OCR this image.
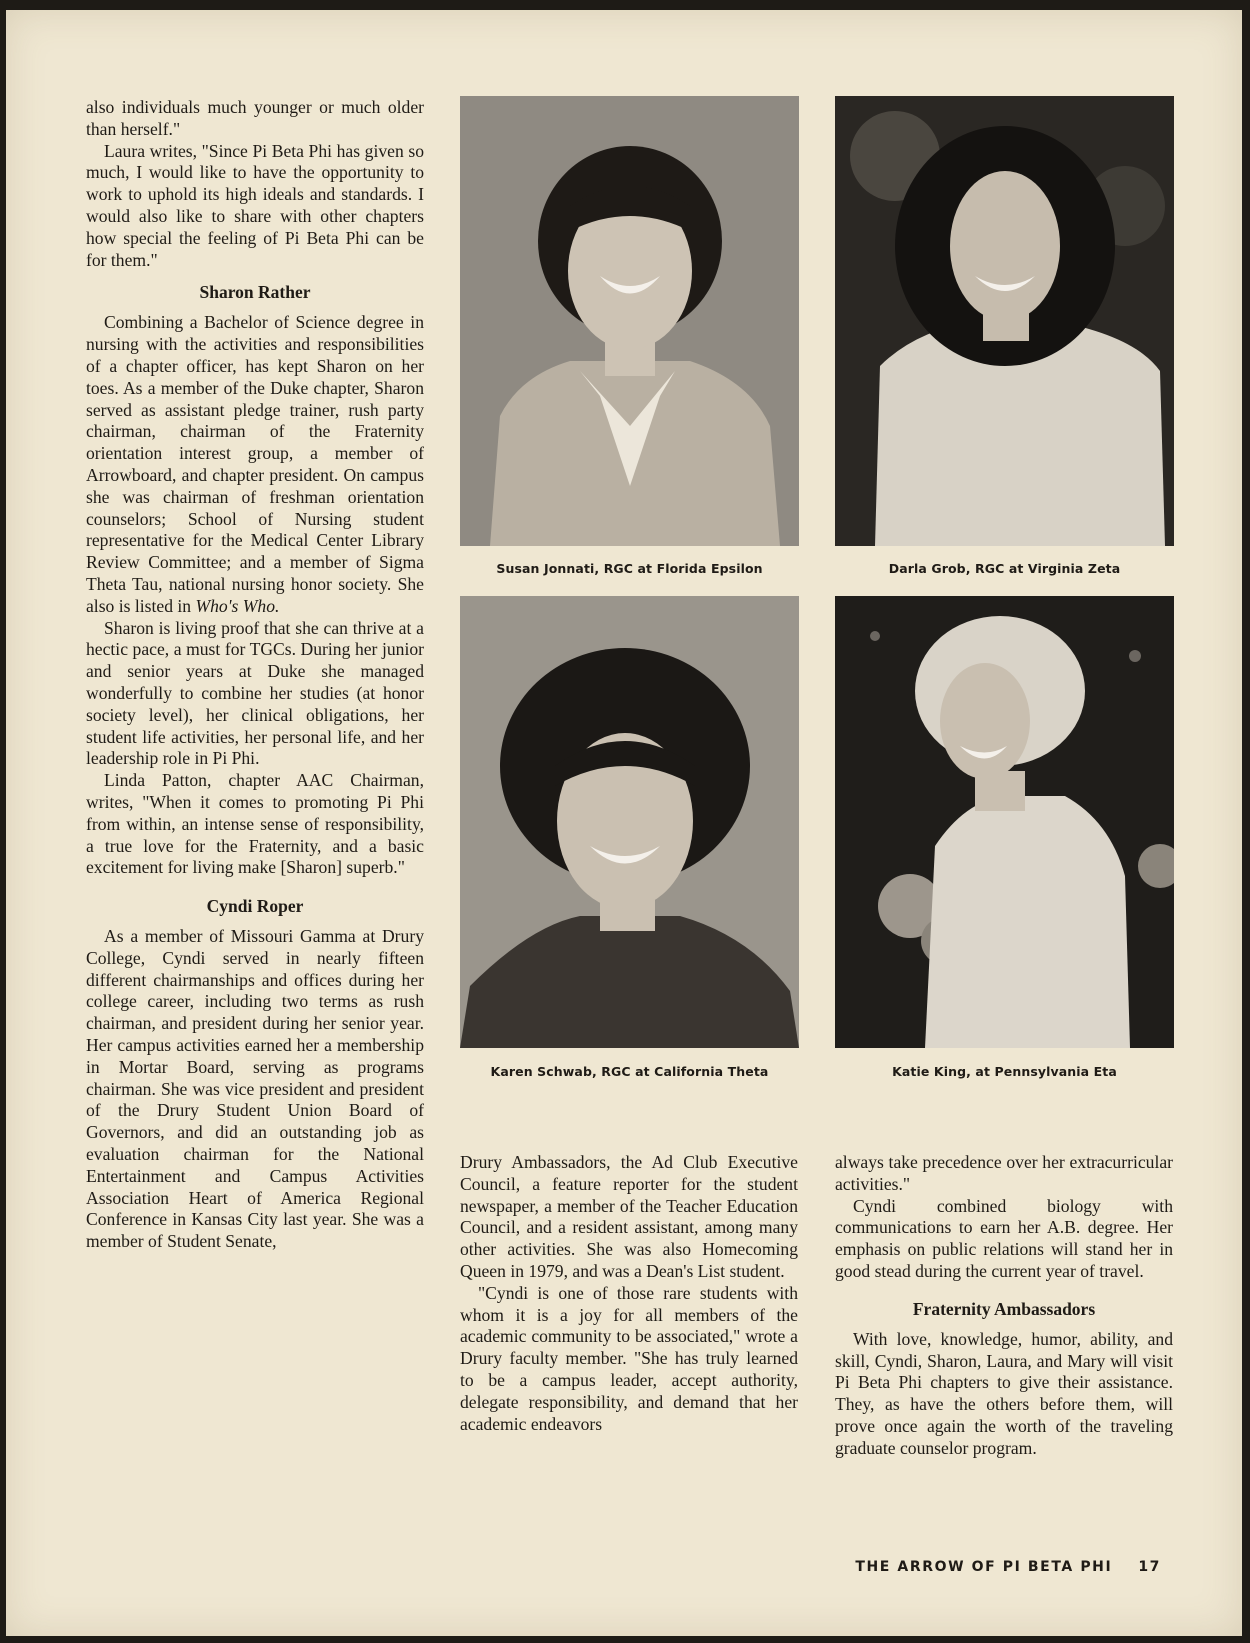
also individuals much younger or much older than herself."

Laura writes, "Since Pi Beta Phi has given so much, I would like to have the opportunity to work to uphold its high ideals and standards. I would also like to share with other chapters how special the feeling of Pi Beta Phi can be for them."

Sharon Rather

Combining a Bachelor of Science degree in nursing with the activities and responsibilities of a chapter officer, has kept Sharon on her toes. As a member of the Duke chapter, Sharon served as assistant pledge trainer, rush party chairman, chairman of the Fraternity orientation interest group, a member of Arrowboard, and chapter president. On campus she was chairman of freshman orientation counselors; School of Nursing student representative for the Medical Center Library Review Committee; and a member of Sigma Theta Tau, national nursing honor society. She also is listed in Who's Who.

Sharon is living proof that she can thrive at a hectic pace, a must for TGCs. During her junior and senior years at Duke she managed wonderfully to combine her studies (at honor society level), her clinical obligations, her student life activities, her personal life, and her leadership role in Pi Phi.

Linda Patton, chapter AAC Chairman, writes, "When it comes to promoting Pi Phi from within, an intense sense of responsibility, a true love for the Fraternity, and a basic excitement for living make [Sharon] superb."

Cyndi Roper

As a member of Missouri Gamma at Drury College, Cyndi served in nearly fifteen different chairmanships and offices during her college career, including two terms as rush chairman, and president during her senior year. Her campus activities earned her a membership in Mortar Board, serving as programs chairman. She was vice president and president of the Drury Student Union Board of Governors, and did an outstanding job as evaluation chairman for the National Entertainment and Campus Activities Association Heart of America Regional Conference in Kansas City last year. She was a member of Student Senate,

Susan Jonnati, RGC at Florida Epsilon	Darla Grob, RGC at Virginia Zeta
Karen Schwab, RGC at California Theta	Katie King, at Pennsylvania Eta

Drury Ambassadors, the Ad Club Executive Council, a feature reporter for the student newspaper, a member of the Teacher Education Council, and a resident assistant, among many other activities. She was also Homecoming Queen in 1979, and was a Dean's List student.

"Cyndi is one of those rare students with whom it is a joy for all members of the academic community to be associated," wrote a Drury faculty member. "She has truly learned to be a campus leader, accept authority, delegate responsibility, and demand that her academic endeavors

always take precedence over her extracurricular activities."

Cyndi combined biology with communications to earn her A.B. degree. Her emphasis on public relations will stand her in good stead during the current year of travel.

Fraternity Ambassadors

With love, knowledge, humor, ability, and skill, Cyndi, Sharon, Laura, and Mary will visit Pi Beta Phi chapters to give their assistance. They, as have the others before them, will prove once again the worth of the traveling graduate counselor program.

THE ARROW OF PI BETA PHI 17
